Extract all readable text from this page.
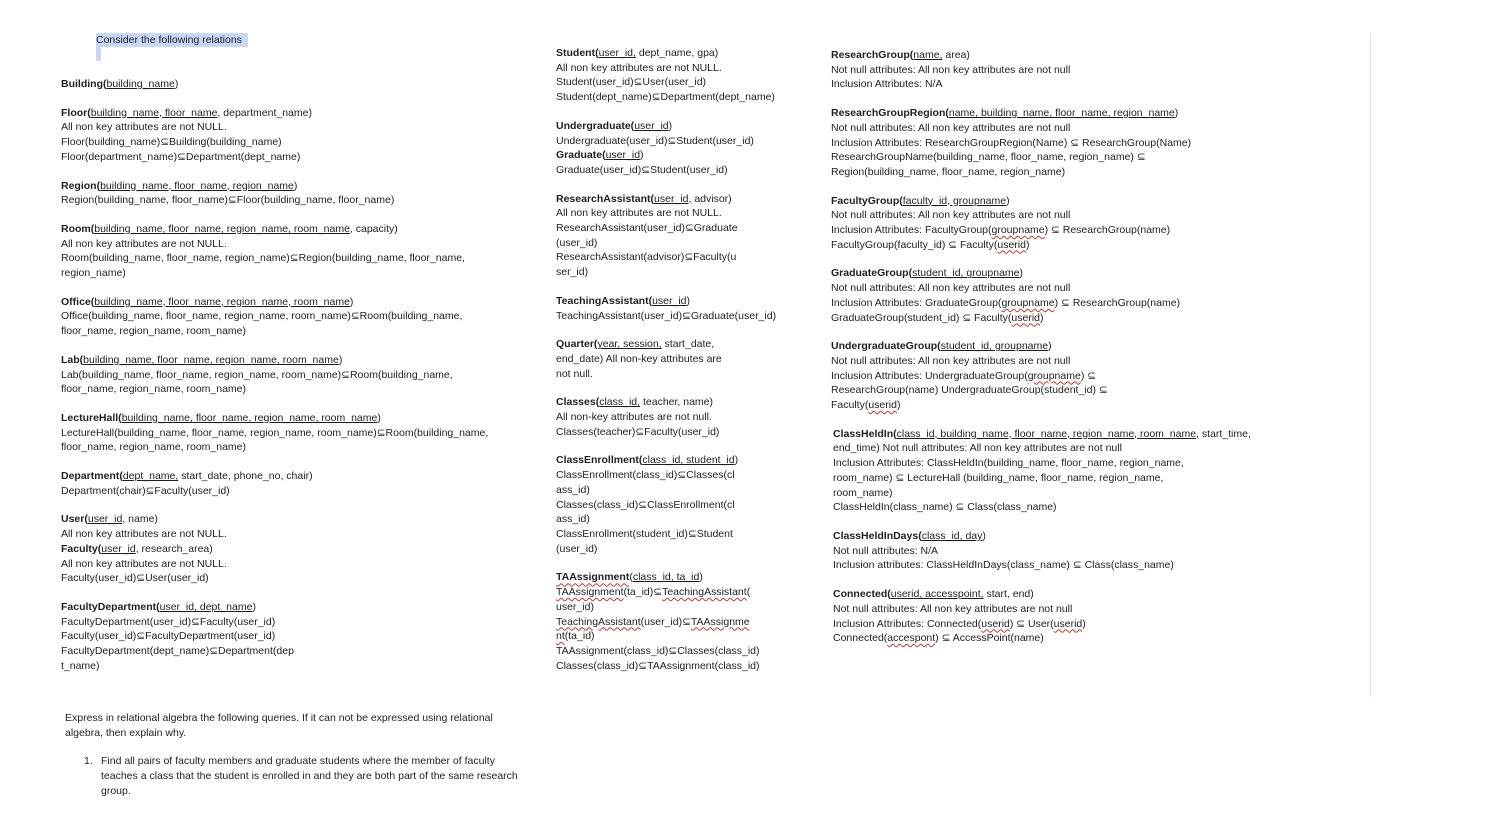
Consider the following relations
Building(building_name)
Floor(building_name, floor_name, department_name)
All non key attributes are not NULL.
Floor(building_name)⊆Building(building_name)
Floor(department_name)⊆Department(dept_name)
Region(building_name, floor_name, region_name)
Region(building_name, floor_name)⊆Floor(building_name, floor_name)
Room(building_name, floor_name, region_name, room_name, capacity)
All non key attributes are not NULL.
Room(building_name, floor_name, region_name)⊆Region(building_name, floor_name,
region_name)
Office(building_name, floor_name, region_name, room_name)
Office(building_name, floor_name, region_name, room_name)⊆Room(building_name,
floor_name, region_name, room_name)
Lab(building_name, floor_name, region_name, room_name)
Lab(building_name, floor_name, region_name, room_name)⊆Room(building_name,
floor_name, region_name, room_name)
LectureHall(building_name, floor_name, region_name, room_name)
LectureHall(building_name, floor_name, region_name, room_name)⊆Room(building_name,
floor_name, region_name, room_name)
Department(dept_name, start_date, phone_no, chair)
Department(chair)⊆Faculty(user_id)
User(user_id, name)
All non key attributes are not NULL.
Faculty(user_id, research_area)
All non key attributes are not NULL.
Faculty(user_id)⊆User(user_id)
FacultyDepartment(user_id, dept_name)
FacultyDepartment(user_id)⊆Faculty(user_id)
Faculty(user_id)⊆FacultyDepartment(user_id)
FacultyDepartment(dept_name)⊆Department(dep
t_name)
Student(user_id, dept_name, gpa)
All non key attributes are not NULL.
Student(user_id)⊆User(user_id)
Student(dept_name)⊆Department(dept_name)
Undergraduate(user_id)
Undergraduate(user_id)⊆Student(user_id)
Graduate(user_id)
Graduate(user_id)⊆Student(user_id)
ResearchAssistant(user_id, advisor)
All non key attributes are not NULL.
ResearchAssistant(user_id)⊆Graduate
(user_id)
ResearchAssistant(advisor)⊆Faculty(u
ser_id)
TeachingAssistant(user_id)
TeachingAssistant(user_id)⊆Graduate(user_id)
Quarter(year, session, start_date,
end_date) All non-key attributes are
not null.
Classes(class_id, teacher, name)
All non-key attributes are not null.
Classes(teacher)⊆Faculty(user_id)
ClassEnrollment(class_id, student_id)
ClassEnrollment(class_id)⊆Classes(cl
ass_id)
Classes(class_id)⊆ClassEnrollment(cl
ass_id)
ClassEnrollment(student_id)⊆Student
(user_id)
TAAssignment(class_id, ta_id)
TAAssignment(ta_id)⊆TeachingAssistant(
user_id)
TeachingAssistant(user_id)⊆TAAssignme
nt(ta_id)
TAAssignment(class_id)⊆Classes(class_id)
Classes(class_id)⊆TAAssignment(class_id)
ResearchGroup(name, area)
Not null attributes: All non key attributes are not null
Inclusion Attributes: N/A
ResearchGroupRegion(name, building_name, floor_name, region_name)
Not null attributes: All non key attributes are not null
Inclusion Attributes: ResearchGroupRegion(Name) ⊆ ResearchGroup(Name)
ResearchGroupName(building_name, floor_name, region_name) ⊆
Region(building_name, floor_name, region_name)
FacultyGroup(faculty_id, groupname)
Not null attributes: All non key attributes are not null
Inclusion Attributes: FacultyGroup(groupname) ⊆ ResearchGroup(name)
FacultyGroup(faculty_id) ⊆ Faculty(userid)
GraduateGroup(student_id, groupname)
Not null attributes: All non key attributes are not null
Inclusion Attributes: GraduateGroup(groupname) ⊆ ResearchGroup(name)
GraduateGroup(student_id) ⊆ Faculty(userid)
UndergraduateGroup(student_id, groupname)
Not null attributes: All non key attributes are not null
Inclusion Attributes: UndergraduateGroup(groupname) ⊆
ResearchGroup(name) UndergraduateGroup(student_id) ⊆
Faculty(userid)
ClassHeldIn(class_id, building_name, floor_name, region_name, room_name, start_time,
end_time) Not null attributes: All non key attributes are not null
Inclusion Attributes: ClassHeldIn(building_name, floor_name, region_name,
room_name) ⊆ LectureHall (building_name, floor_name, region_name,
room_name)
ClassHeldIn(class_name) ⊆ Class(class_name)
ClassHeldInDays(class_id, day)
Not null attributes: N/A
Inclusion attributes: ClassHeldInDays(class_name) ⊆ Class(class_name)
Connected(userid, accesspoint, start, end)
Not null attributes: All non key attributes are not null
Inclusion Attributes: Connected(userid) ⊆ User(userid)
Connected(accespont) ⊆ AccessPoint(name)
Express in relational algebra the following queries. If it can not be expressed using relational algebra, then explain why.
1. Find all pairs of faculty members and graduate students where the member of faculty teaches a class that the student is enrolled in and they are both part of the same research group.
